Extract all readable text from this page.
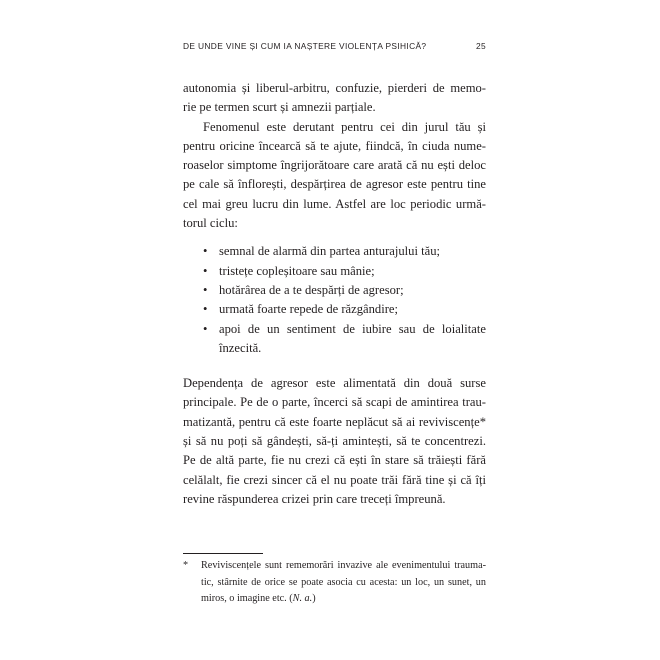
DE UNDE VINE ȘI CUM IA NAȘTERE VIOLENȚA PSIHICĂ?	25
autonomia și liberul-arbitru, confuzie, pierderi de memo-
rie pe termen scurt și amnezii parțiale.
Fenomenul este derutant pentru cei din jurul tău și
pentru oricine încearcă să te ajute, fiindcă, în ciuda nume-
roaselor simptome îngrijorătoare care arată că nu ești deloc
pe cale să înflorești, despărțirea de agresor este pentru tine
cel mai greu lucru din lume. Astfel are loc periodic urmă-
torul ciclu:
• semnal de alarmă din partea anturajului tău;
• tristețe copleșitoare sau mânie;
• hotărârea de a te despărți de agresor;
• urmată foarte repede de răzgândire;
• apoi de un sentiment de iubire sau de loialitate
înzecită.
Dependența de agresor este alimentată din două surse
principale. Pe de o parte, încerci să scapi de amintirea trau-
matizantă, pentru că este foarte neplăcut să ai reviviscențe*
și să nu poți să gândești, să-ți amintești, să te concentrezi.
Pe de altă parte, fie nu crezi că ești în stare să trăiești fără
celălalt, fie crezi sincer că el nu poate trăi fără tine și că îți
revine răspunderea crizei prin care treceți împreună.
* Reviviscențele sunt rememorări invazive ale evenimentului trauma-
tic, stârnite de orice se poate asocia cu acesta: un loc, un sunet, un
miros, o imagine etc. (N. a.)
